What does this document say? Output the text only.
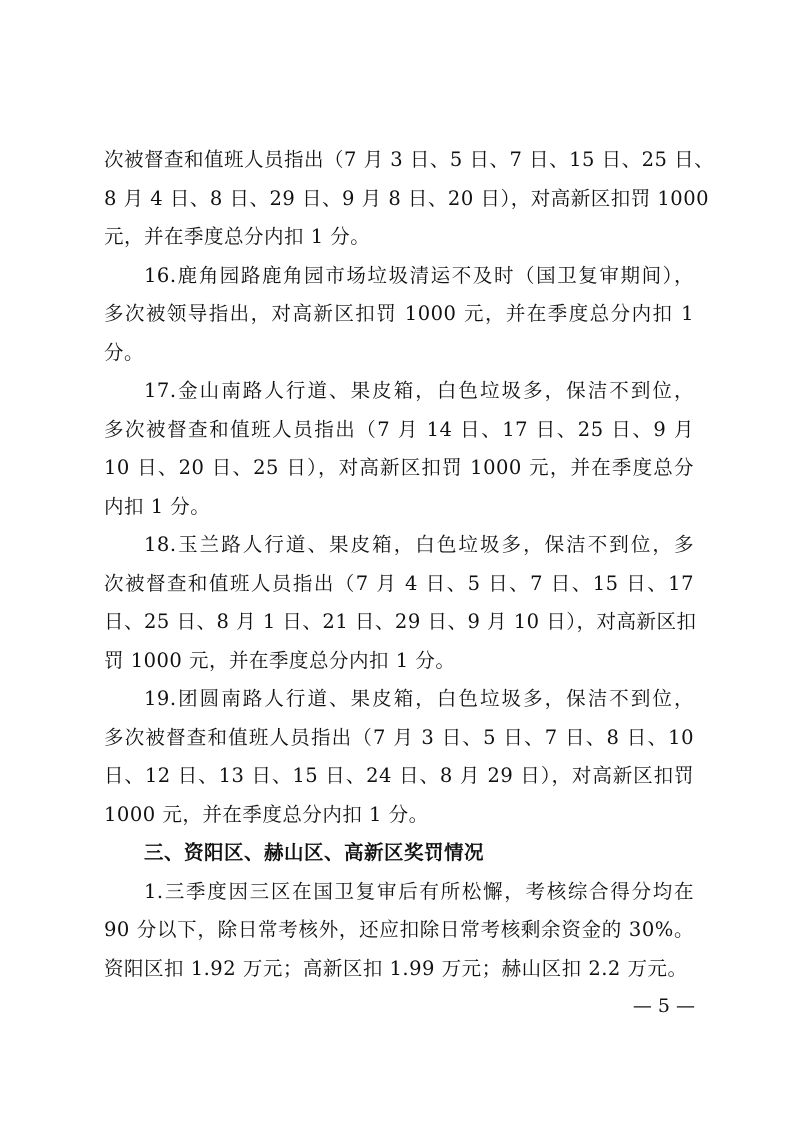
次被督查和值班人员指出（7 月 3 日、5 日、7 日、15 日、25 日、
8 月 4 日、8 日、29 日、9 月 8 日、20 日），对高新区扣罚 1000
元，并在季度总分内扣 1 分。
16.鹿角园路鹿角园市场垃圾清运不及时（国卫复审期间），
多次被领导指出，对高新区扣罚 1000 元，并在季度总分内扣 1
分。
17.金山南路人行道、果皮箱，白色垃圾多，保洁不到位，
多次被督查和值班人员指出（7 月 14 日、17 日、25 日、9 月
10 日、20 日、25 日），对高新区扣罚 1000 元，并在季度总分
内扣 1 分。
18.玉兰路人行道、果皮箱，白色垃圾多，保洁不到位，多
次被督查和值班人员指出（7 月 4 日、5 日、7 日、15 日、17
日、25 日、8 月 1 日、21 日、29 日、9 月 10 日），对高新区扣
罚 1000 元，并在季度总分内扣 1 分。
19.团圆南路人行道、果皮箱，白色垃圾多，保洁不到位，
多次被督查和值班人员指出（7 月 3 日、5 日、7 日、8 日、10
日、12 日、13 日、15 日、24 日、8 月 29 日），对高新区扣罚
1000 元，并在季度总分内扣 1 分。
三、资阳区、赫山区、高新区奖罚情况
1.三季度因三区在国卫复审后有所松懈，考核综合得分均在
90 分以下，除日常考核外，还应扣除日常考核剩余资金的 30%。
资阳区扣 1.92 万元；高新区扣 1.99 万元；赫山区扣 2.2 万元。
— 5 —
